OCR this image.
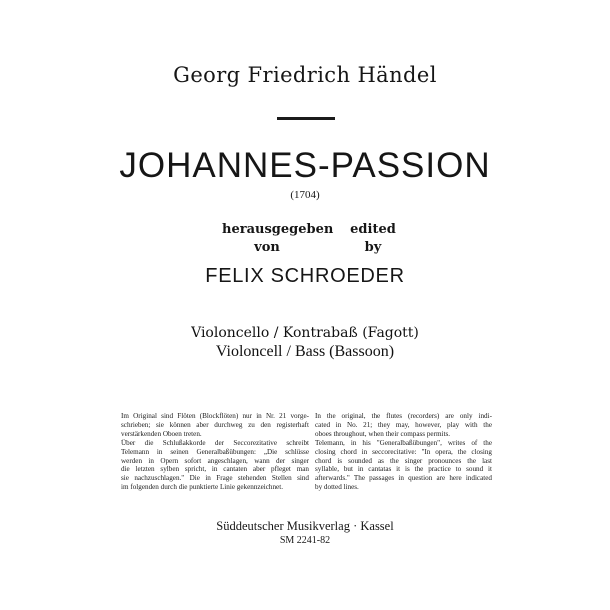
Georg Friedrich Händel
JOHANNES-PASSION
(1704)
herausgegeben
von
edited
by
FELIX SCHROEDER
Violoncello / Kontrabaß (Fagott)
Violoncell / Bass (Bassoon)
Im Original sind Flöten (Blockflöten) nur in Nr. 21 vorge-
schrieben; sie können aber durchweg zu den registerhaft
verstärkenden Oboen treten.
Über die Schlußakkorde der Seccorezitative schreibt
Telemann in seinen Generalbaßübungen: „Die schlüsse
werden in Opern sofort angeschlagen, wann der singer
die letzten sylben spricht, in cantaten aber pfleget man
sie nachzuschlagen." Die in Frage stehenden Stellen sind
im folgenden durch die punktierte Linie gekennzeichnet.
In the original, the flutes (recorders) are only indi-
cated in No. 21; they may, however, play with the
oboes throughout, when their compass permits.
Telemann, in his "Generalbaßübungen", writes of the
closing chord in seccorecitative: "In opera, the closing
chord is sounded as the singer pronounces the last
syllable, but in cantatas it is the practice to sound it
afterwards." The passages in question are here indicated
by dotted lines.
Süddeutscher Musikverlag · Kassel
SM 2241-82
